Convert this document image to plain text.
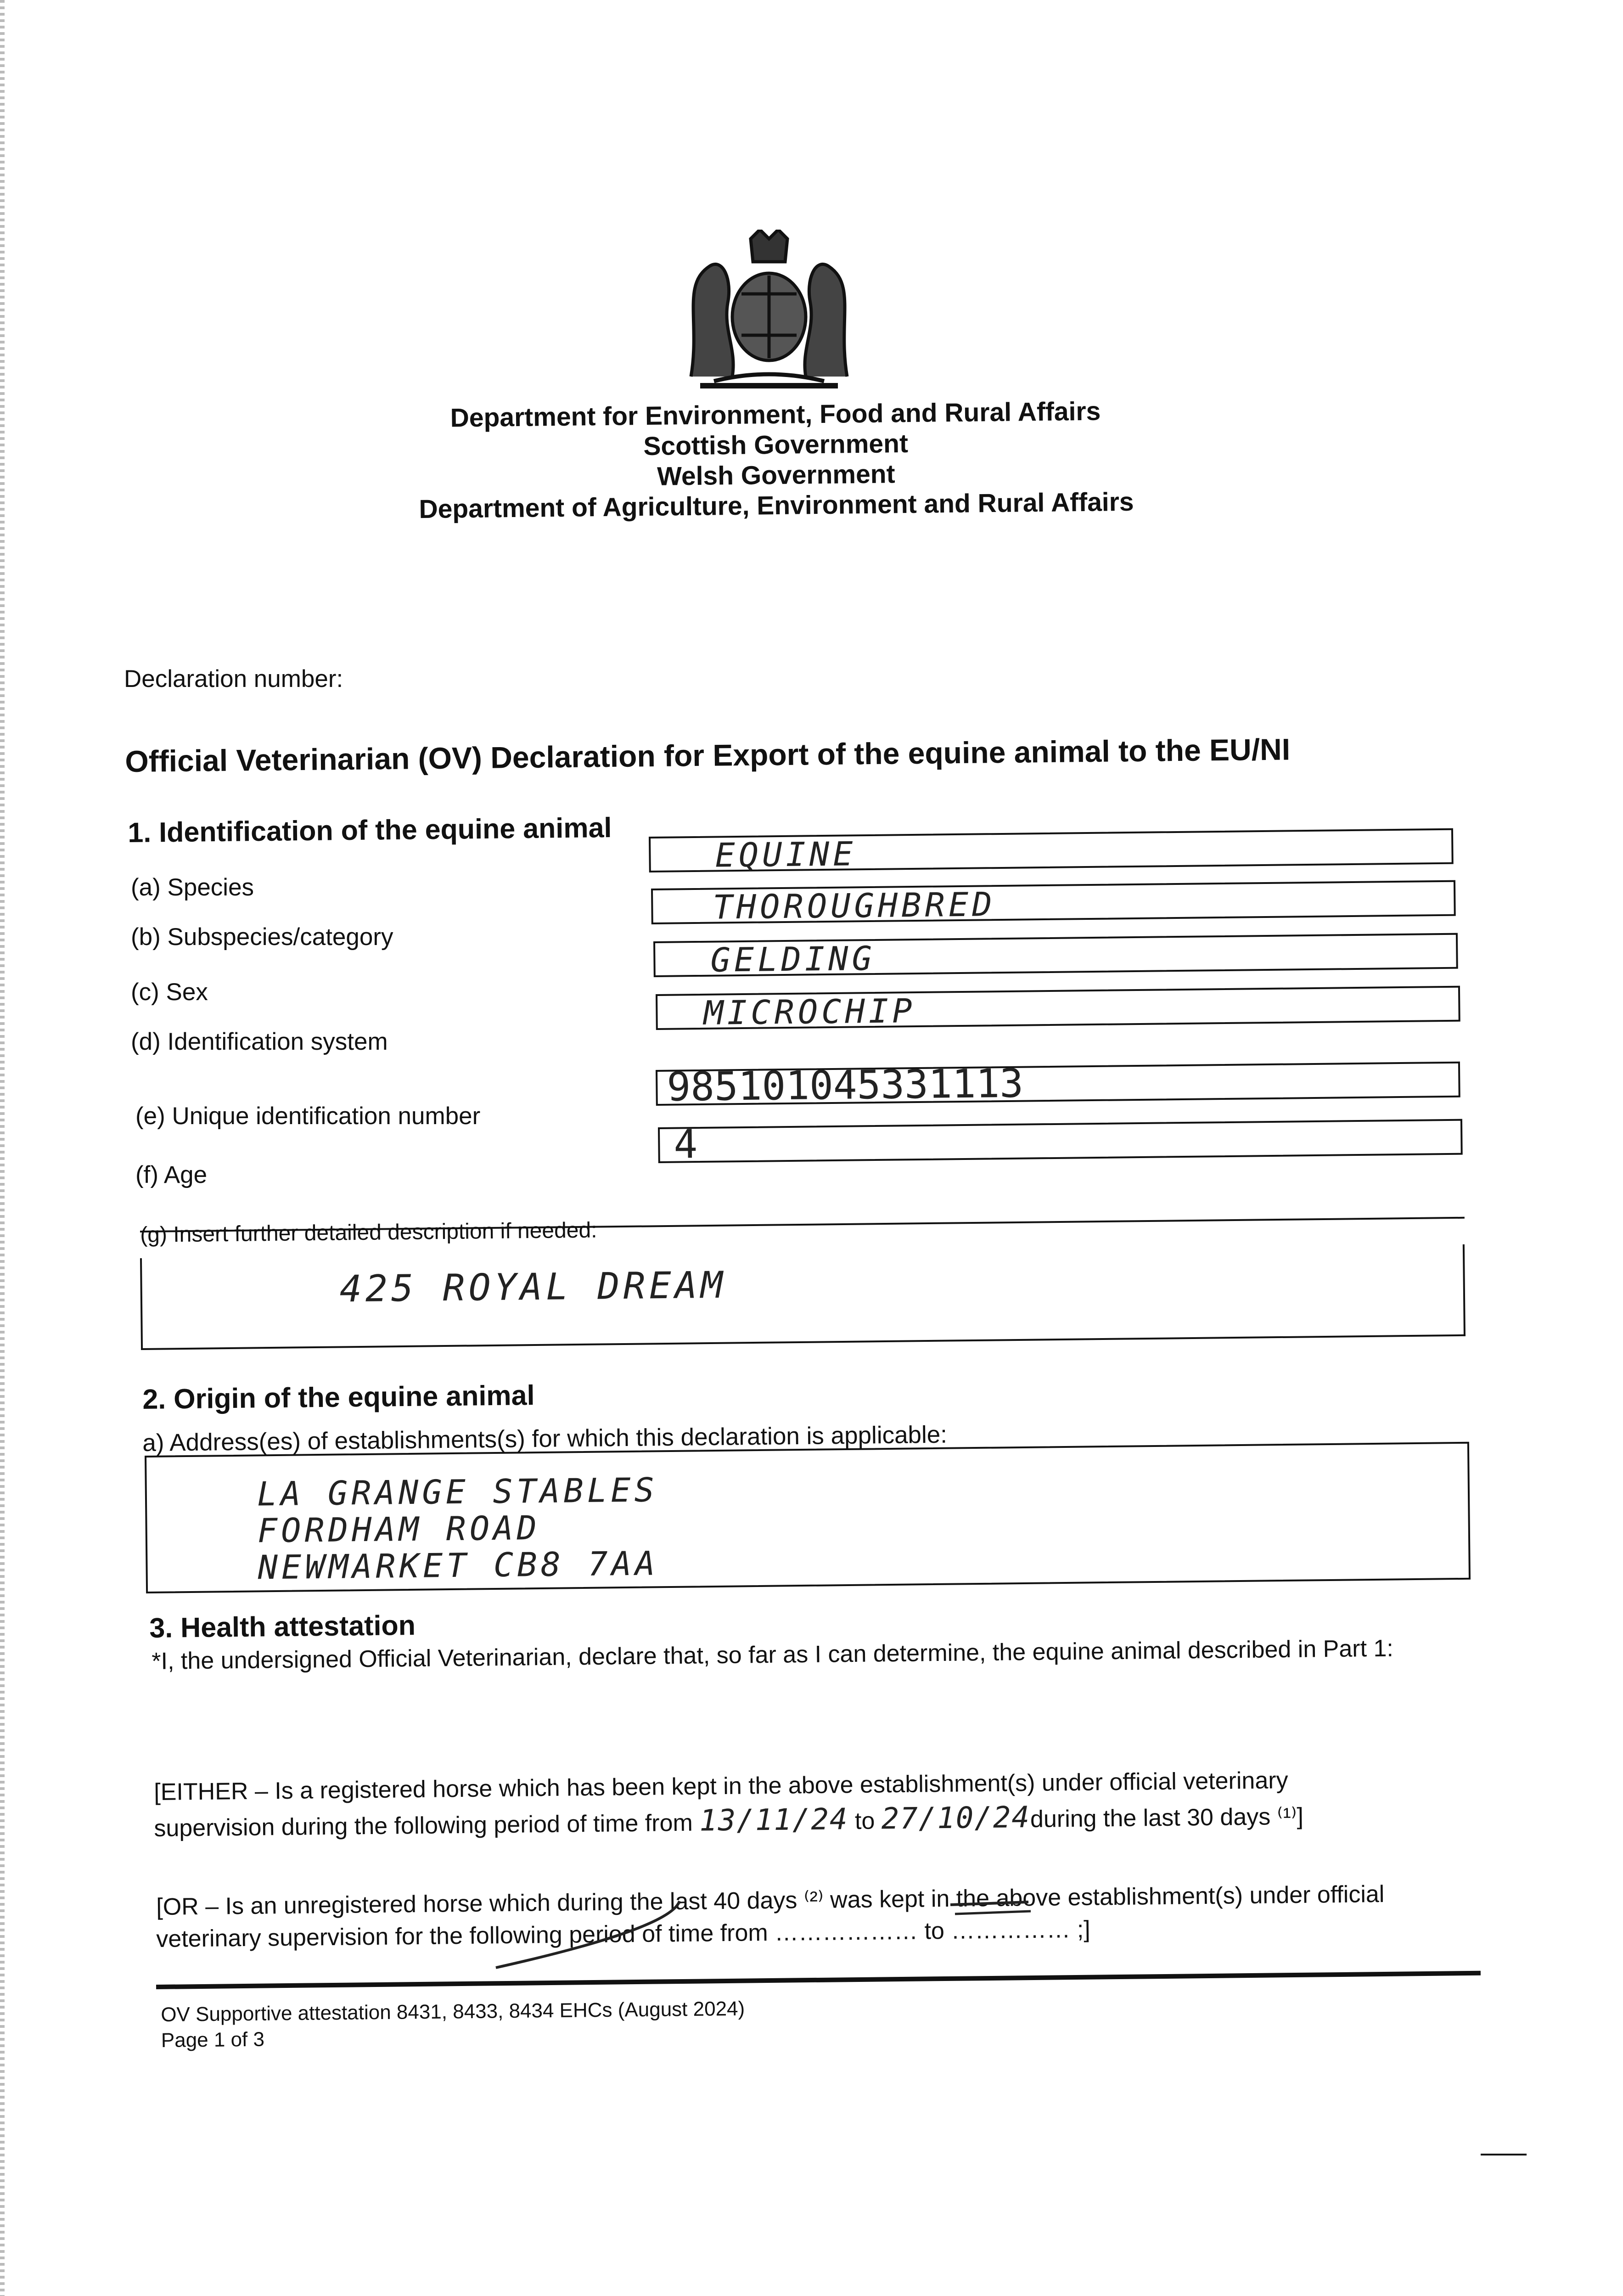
Department for Environment, Food and Rural Affairs
Scottish Government
Welsh Government
Department of Agriculture, Environment and Rural Affairs
Declaration number:
Official Veterinarian (OV) Declaration for Export of the equine animal to the EU/NI
1. Identification of the equine animal
(a) Species
EQUINE
(b) Subspecies/category
THOROUGHBRED
(c) Sex
GELDING
(d) Identification system
MICROCHIP
(e) Unique identification number
985101045331113
(f) Age
4
(g) Insert further detailed description if needed:
425 ROYAL DREAM
2. Origin of the equine animal
a) Address(es) of establishments(s) for which this declaration is applicable:
LA GRANGE STABLES
FORDHAM ROAD
NEWMARKET CB8 7AA
3. Health attestation
*I, the undersigned Official Veterinarian, declare that, so far as I can determine, the equine animal described in Part 1:
[EITHER – Is a registered horse which has been kept in the above establishment(s) under official veterinary
supervision during the following period of time from 13/11/24 to 27/10/24during the last 30 days ⁽¹⁾]
[OR – Is an unregistered horse which during the last 40 days ⁽²⁾ was kept in the above establishment(s) under official
veterinary supervision for the following period of time from ……………… to …………… ;]
OV Supportive attestation 8431, 8433, 8434 EHCs (August 2024)
Page 1 of 3
